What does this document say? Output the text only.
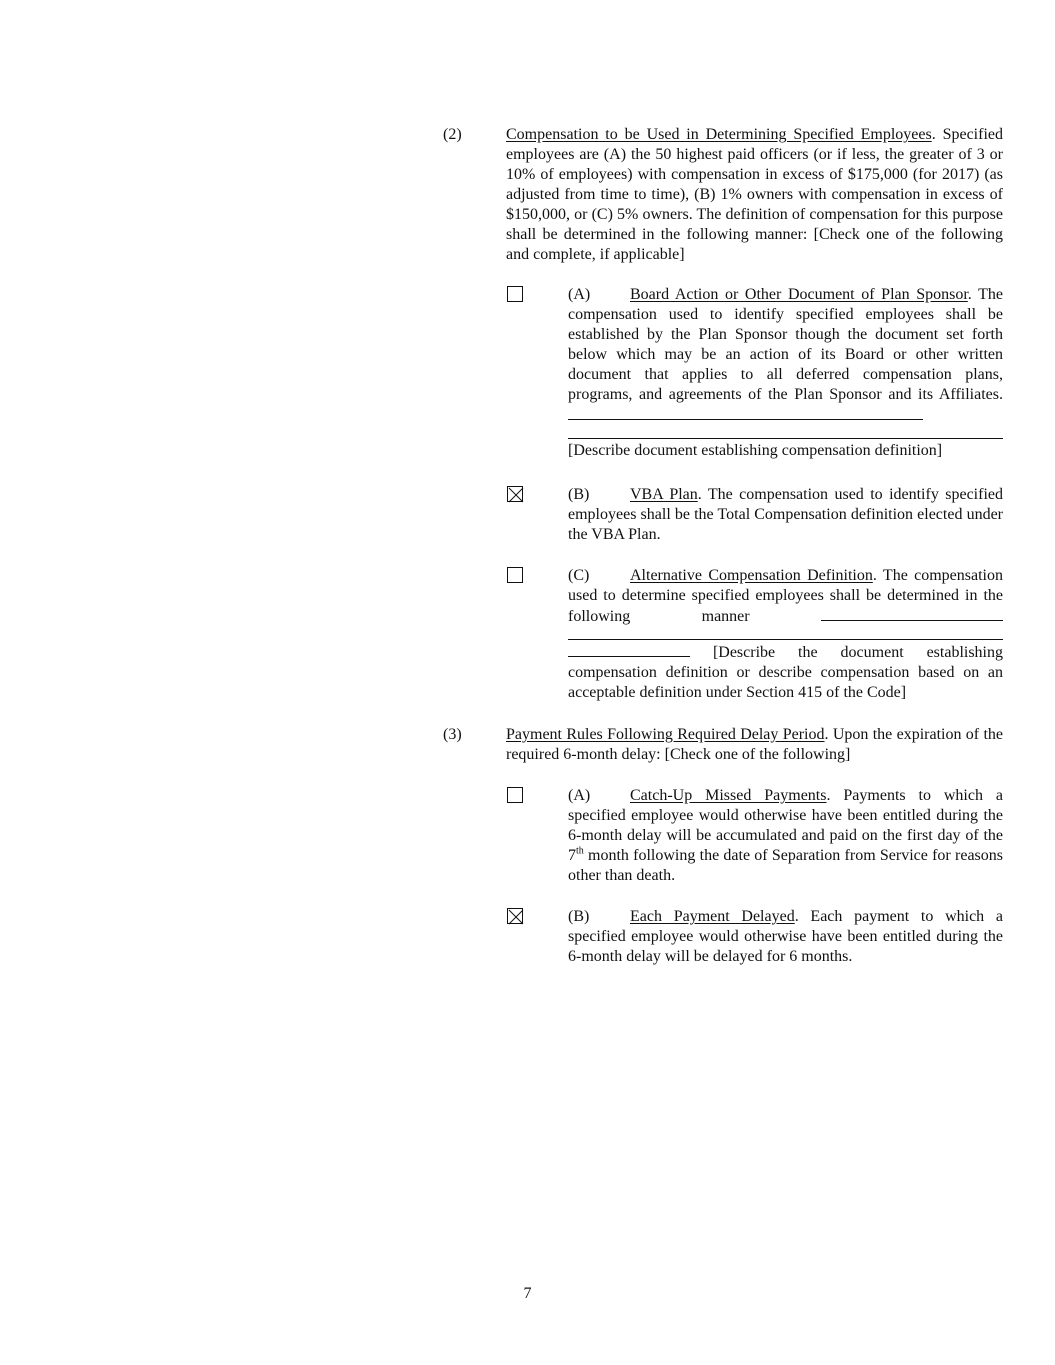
(2)	Compensation to be Used in Determining Specified Employees. Specified employees are (A) the 50 highest paid officers (or if less, the greater of 3 or 10% of employees) with compensation in excess of $175,000 (for 2017) (as adjusted from time to time), (B) 1% owners with compensation in excess of $150,000, or (C) 5% owners. The definition of compensation for this purpose shall be determined in the following manner: [Check one of the following and complete, if applicable]
(A) Board Action or Other Document of Plan Sponsor. The compensation used to identify specified employees shall be established by the Plan Sponsor though the document set forth below which may be an action of its Board or other written document that applies to all deferred compensation plans, programs, and agreements of the Plan Sponsor and its Affiliates.
[Describe document establishing compensation definition]
(B)	VBA Plan. The compensation used to identify specified employees shall be the Total Compensation definition elected under the VBA Plan.
(C)	Alternative Compensation Definition. The compensation used to determine specified employees shall be determined in the following manner
[Describe the document establishing compensation definition or describe compensation based on an acceptable definition under Section 415 of the Code]
(3)	Payment Rules Following Required Delay Period. Upon the expiration of the required 6-month delay: [Check one of the following]
(A) Catch-Up Missed Payments. Payments to which a specified employee would otherwise have been entitled during the 6-month delay will be accumulated and paid on the first day of the 7th month following the date of Separation from Service for reasons other than death.
(B)	Each Payment Delayed. Each payment to which a specified employee would otherwise have been entitled during the 6-month delay will be delayed for 6 months.
7
